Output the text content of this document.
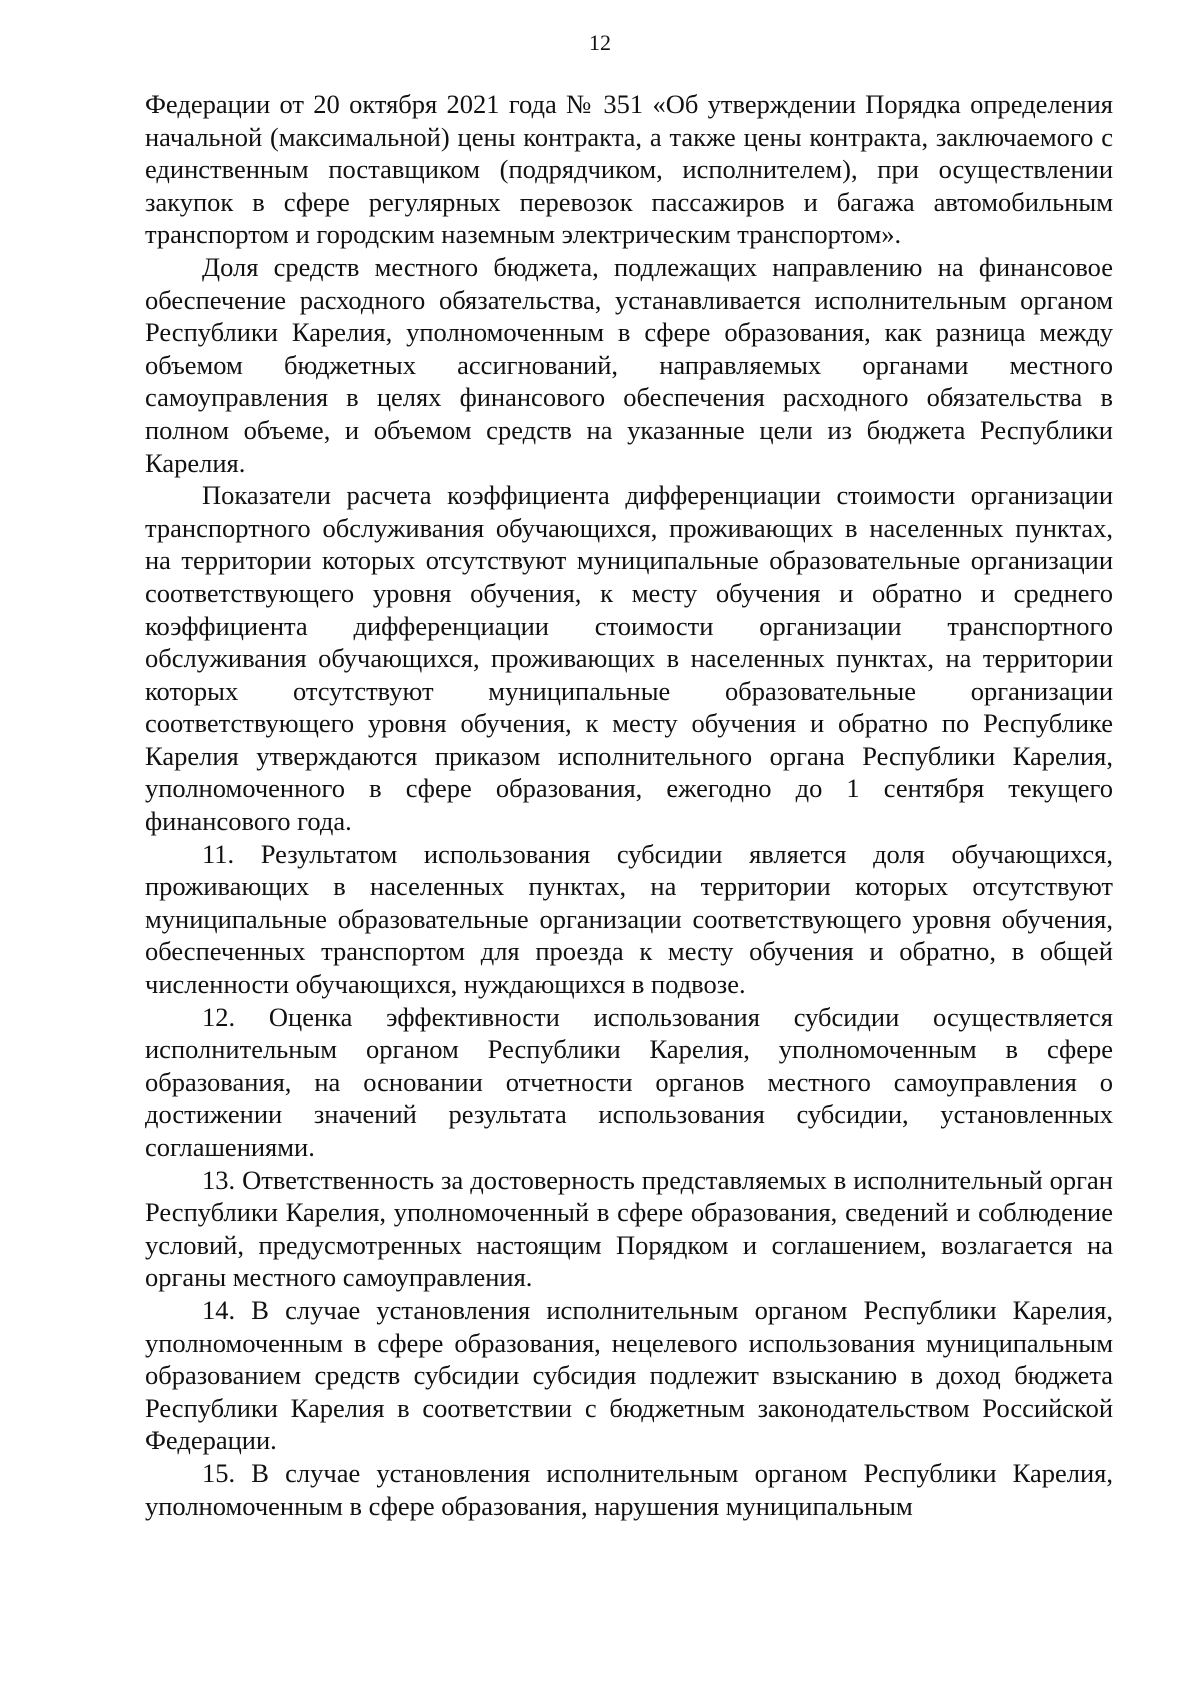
12

Федерации от 20 октября 2021 года № 351 «Об утверждении Порядка определения начальной (максимальной) цены контракта, а также цены контракта, заключаемого с единственным поставщиком (подрядчиком, исполнителем), при осуществлении закупок в сфере регулярных перевозок пассажиров и багажа автомобильным транспортом и городским наземным электрическим транспортом».

Доля средств местного бюджета, подлежащих направлению на финансовое обеспечение расходного обязательства, устанавливается исполнительным органом Республики Карелия, уполномоченным в сфере образования, как разница между объемом бюджетных ассигнований, направляемых органами местного самоуправления в целях финансового обеспечения расходного обязательства в полном объеме, и объемом средств на указанные цели из бюджета Республики Карелия.

Показатели расчета коэффициента дифференциации стоимости организации транспортного обслуживания обучающихся, проживающих в населенных пунктах, на территории которых отсутствуют муниципальные образовательные организации соответствующего уровня обучения, к месту обучения и обратно и среднего коэффициента дифференциации стоимости организации транспортного обслуживания обучающихся, проживающих в населенных пунктах, на территории которых отсутствуют муниципальные образовательные организации соответствующего уровня обучения, к месту обучения и обратно по Республике Карелия утверждаются приказом исполнительного органа Республики Карелия, уполномоченного в сфере образования, ежегодно до 1 сентября текущего финансового года.

11. Результатом использования субсидии является доля обучающихся, проживающих в населенных пунктах, на территории которых отсутствуют муниципальные образовательные организации соответствующего уровня обучения, обеспеченных транспортом для проезда к месту обучения и обратно, в общей численности обучающихся, нуждающихся в подвозе.

12. Оценка эффективности использования субсидии осуществляется исполнительным органом Республики Карелия, уполномоченным в сфере образования, на основании отчетности органов местного самоуправления о достижении значений результата использования субсидии, установленных соглашениями.

13. Ответственность за достоверность представляемых в исполнительный орган Республики Карелия, уполномоченный в сфере образования, сведений и соблюдение условий, предусмотренных настоящим Порядком и соглашением, возлагается на органы местного самоуправления.

14. В случае установления исполнительным органом Республики Карелия, уполномоченным в сфере образования, нецелевого использования муниципальным образованием средств субсидии субсидия подлежит взысканию в доход бюджета Республики Карелия в соответствии с бюджетным законодательством Российской Федерации.

15. В случае установления исполнительным органом Республики Карелия, уполномоченным в сфере образования, нарушения муниципальным
